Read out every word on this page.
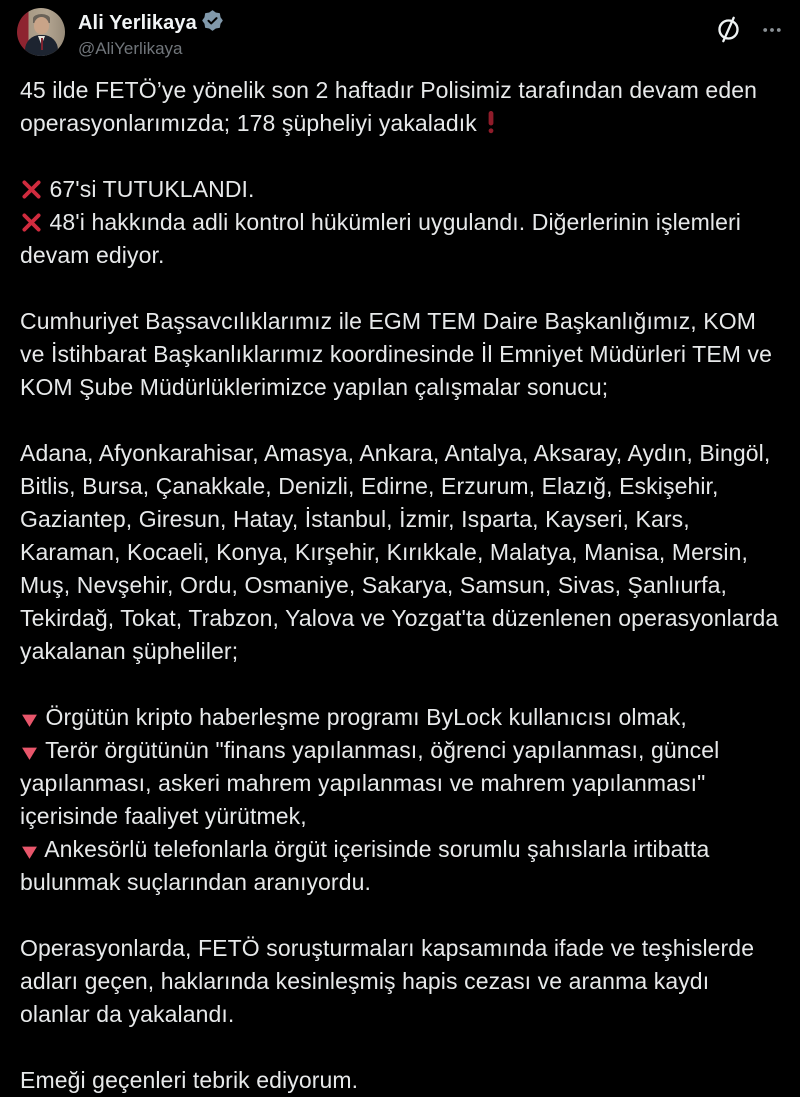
Ali Yerlikaya
@AliYerlikaya
45 ilde FETÖ’ye yönelik son 2 haftadır Polisimiz tarafından devam eden operasyonlarımızda; 178 şüpheliyi yakaladık
67'si TUTUKLANDI.
48'i hakkında adli kontrol hükümleri uygulandı. Diğerlerinin işlemleri devam ediyor.
Cumhuriyet Başsavcılıklarımız ile EGM TEM Daire Başkanlığımız, KOM ve İstihbarat Başkanlıklarımız koordinesinde İl Emniyet Müdürleri TEM ve KOM Şube Müdürlüklerimizce yapılan çalışmalar sonucu;
Adana, Afyonkarahisar, Amasya, Ankara, Antalya, Aksaray, Aydın, Bingöl, Bitlis, Bursa, Çanakkale, Denizli, Edirne, Erzurum, Elazığ, Eskişehir, Gaziantep, Giresun, Hatay, İstanbul, İzmir, Isparta, Kayseri, Kars, Karaman, Kocaeli, Konya, Kırşehir, Kırıkkale, Malatya, Manisa, Mersin, Muş, Nevşehir, Ordu, Osmaniye, Sakarya, Samsun, Sivas, Şanlıurfa, Tekirdağ, Tokat, Trabzon, Yalova ve Yozgat'ta düzenlenen operasyonlarda yakalanan şüpheliler;
Örgütün kripto haberleşme programı ByLock kullanıcısı olmak,
Terör örgütünün "finans yapılanması, öğrenci yapılanması, güncel yapılanması, askeri mahrem yapılanması ve mahrem yapılanması" içerisinde faaliyet yürütmek,
Ankesörlü telefonlarla örgüt içerisinde sorumlu şahıslarla irtibatta bulunmak suçlarından aranıyordu.
Operasyonlarda, FETÖ soruşturmaları kapsamında ifade ve teşhislerde adları geçen, haklarında kesinleşmiş hapis cezası ve aranma kaydı olanlar da yakalandı.
Emeği geçenleri tebrik ediyorum.
